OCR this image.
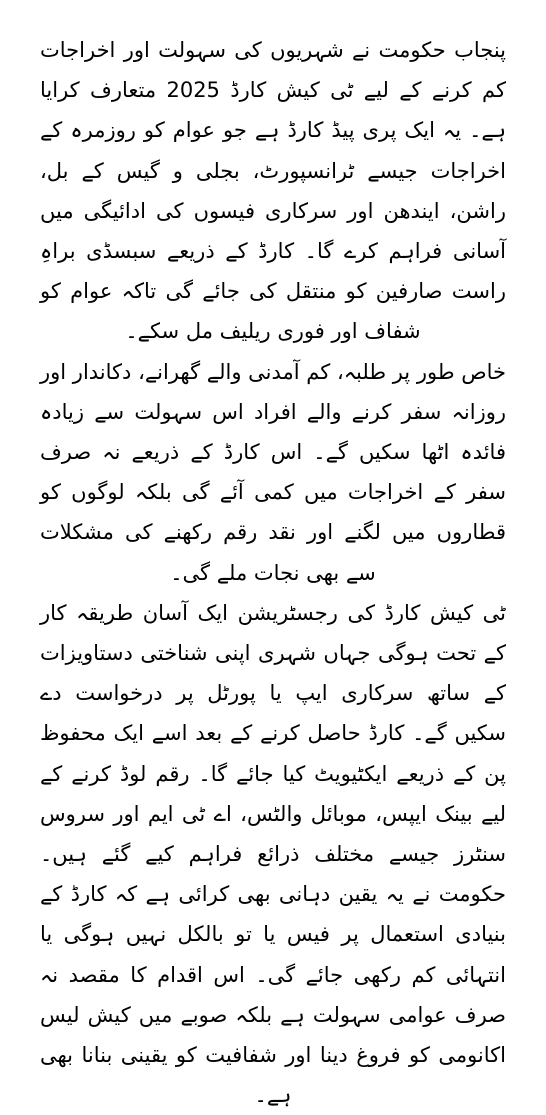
پنجاب حکومت نے شہریوں کی سہولت اور اخراجات کم کرنے کے لیے ٹی کیش کارڈ 2025 متعارف کرایا ہے۔ یہ ایک پری پیڈ کارڈ ہے جو عوام کو روزمرہ کے اخراجات جیسے ٹرانسپورٹ، بجلی و گیس کے بل، راشن، ایندھن اور سرکاری فیسوں کی ادائیگی میں آسانی فراہم کرے گا۔ کارڈ کے ذریعے سبسڈی براہِ راست صارفین کو منتقل کی جائے گی تاکہ عوام کو شفاف اور فوری ریلیف مل سکے۔

خاص طور پر طلبہ، کم آمدنی والے گھرانے، دکاندار اور روزانہ سفر کرنے والے افراد اس سہولت سے زیادہ فائدہ اٹھا سکیں گے۔ اس کارڈ کے ذریعے نہ صرف سفر کے اخراجات میں کمی آئے گی بلکہ لوگوں کو قطاروں میں لگنے اور نقد رقم رکھنے کی مشکلات سے بھی نجات ملے گی۔

ٹی کیش کارڈ کی رجسٹریشن ایک آسان طریقہ کار کے تحت ہوگی جہاں شہری اپنی شناختی دستاویزات کے ساتھ سرکاری ایپ یا پورٹل پر درخواست دے سکیں گے۔ کارڈ حاصل کرنے کے بعد اسے ایک محفوظ پن کے ذریعے ایکٹیویٹ کیا جائے گا۔ رقم لوڈ کرنے کے لیے بینک ایپس، موبائل والٹس، اے ٹی ایم اور سروس سنٹرز جیسے مختلف ذرائع فراہم کیے گئے ہیں۔ حکومت نے یہ یقین دہانی بھی کرائی ہے کہ کارڈ کے بنیادی استعمال پر فیس یا تو بالکل نہیں ہوگی یا انتہائی کم رکھی جائے گی۔ اس اقدام کا مقصد نہ صرف عوامی سہولت ہے بلکہ صوبے میں کیش لیس اکانومی کو فروغ دینا اور شفافیت کو یقینی بنانا بھی ہے۔
